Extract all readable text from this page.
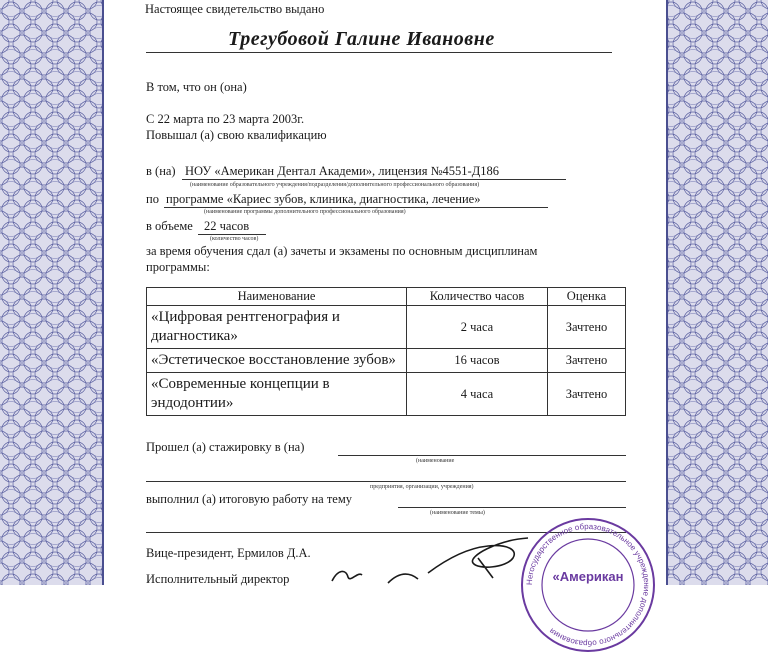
Настоящее свидетельство выдано
Трегубовой Галине Ивановне
В том, что он (она)
С 22 марта по 23 марта 2003г.
Повышал (а) свою квалификацию
в (на) НОУ «Американ Дентал Академи», лицензия №4551-Д186
(наименование образовательного учреждения/подразделения/дополнительного профессионального образования)
по программе «Кариес зубов, клиника, диагностика, лечение»
(наименование программы дополнительного профессионального образования)
в объеме 22 часов
(количество часов)
за время обучения сдал (а) зачеты и экзамены по основным дисциплинам
программы:
Наименование	Количество часов	Оценка
«Цифровая рентгенография и диагностика»	2 часа	Зачтено
«Эстетическое восстановление зубов»	16 часов	Зачтено
«Современные концепции в эндодонтии»	4 часа	Зачтено
Прошел (а) стажировку в (на)
(наименование
предприятия, организации, учреждения)
выполнил (а) итоговую работу на тему
(наименование темы)
Вице-президент, Ермилов Д.А.
Исполнительный директор	Негосударственное образовательное учреждение дополнительного образования
«Американ
